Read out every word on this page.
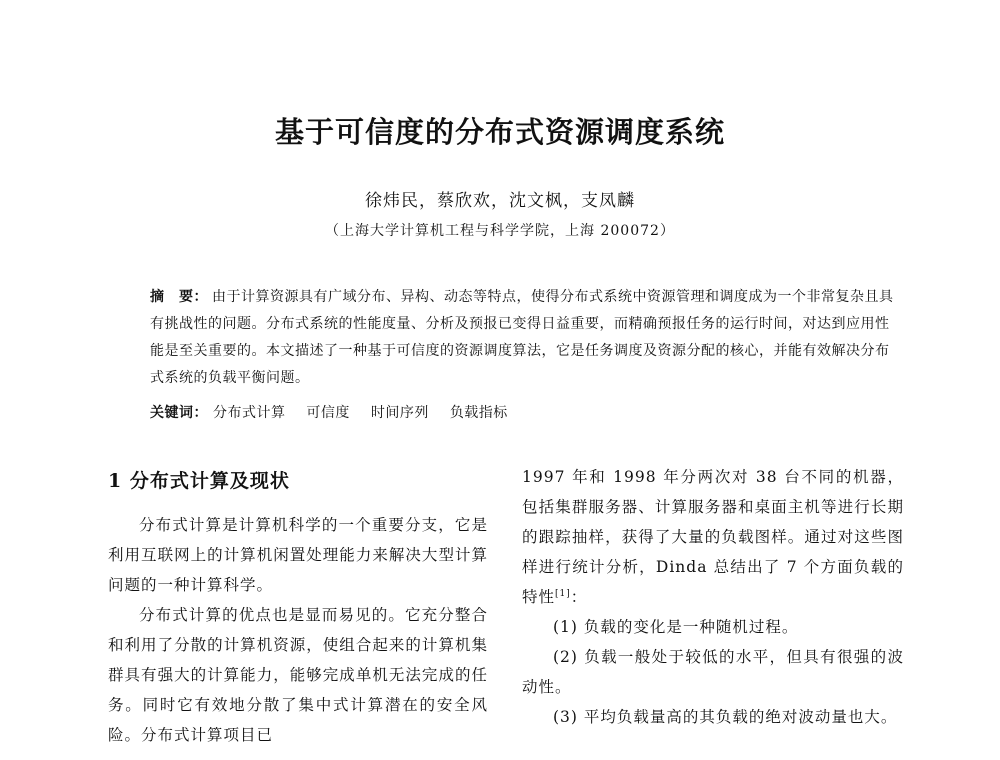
基于可信度的分布式资源调度系统
徐炜民，蔡欣欢，沈文枫，支凤麟
（上海大学计算机工程与科学学院，上海 200072）
摘　要： 由于计算资源具有广域分布、异构、动态等特点，使得分布式系统中资源管理和调度成为一个非常复杂且具有挑战性的问题。分布式系统的性能度量、分析及预报已变得日益重要，而精确预报任务的运行时间，对达到应用性能是至关重要的。本文描述了一种基于可信度的资源调度算法，它是任务调度及资源分配的核心，并能有效解决分布式系统的负载平衡问题。
关键词： 分布式计算 可信度 时间序列 负载指标
1 分布式计算及现状

分布式计算是计算机科学的一个重要分支，它是利用互联网上的计算机闲置处理能力来解决大型计算问题的一种计算科学。

分布式计算的优点也是显而易见的。它充分整合和利用了分散的计算机资源，使组合起来的计算机集群具有强大的计算能力，能够完成单机无法完成的任务。同时它有效地分散了集中式计算潜在的安全风险。分布式计算项目已

1997 年和 1998 年分两次对 38 台不同的机器，包括集群服务器、计算服务器和桌面主机等进行长期的跟踪抽样，获得了大量的负载图样。通过对这些图样进行统计分析，Dinda 总结出了 7 个方面负载的特性[1]：

(1) 负载的变化是一种随机过程。

(2) 负载一般处于较低的水平，但具有很强的波动性。

(3) 平均负载量高的其负载的绝对波动量也大。
